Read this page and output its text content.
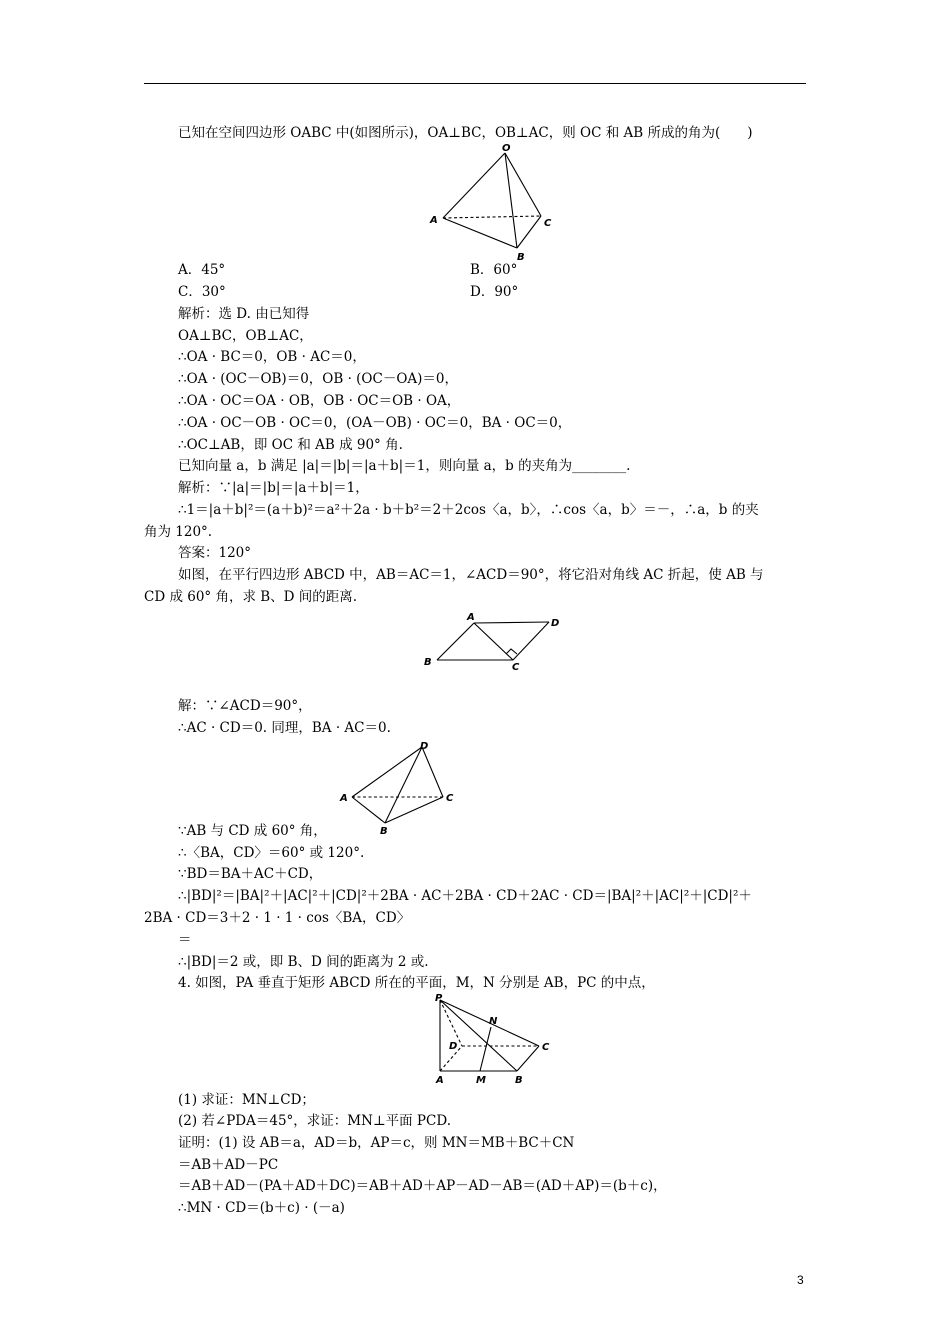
已知在空间四边形 OABC 中(如图所示)，OA⊥BC，OB⊥AC，则 OC 和 AB 所成的角为(　　)
O
A	C
B
A．45°	B．60°
C．30°	D．90°
解析：选 D. 由已知得
OA⊥BC，OB⊥AC，
∴OA · BC＝0，OB · AC＝0，
∴OA · (OC－OB)＝0，OB · (OC－OA)＝0，
∴OA · OC＝OA · OB，OB · OC＝OB · OA，
∴OA · OC－OB · OC＝0，(OA－OB) · OC＝0，BA · OC＝0，
∴OC⊥AB，即 OC 和 AB 成 90° 角.
已知向量 a，b 满足 |a|＝|b|＝|a＋b|＝1，则向量 a，b 的夹角为________.
解析：∵|a|＝|b|＝|a＋b|＝1，
∴1＝|a＋b|²＝(a＋b)²＝a²＋2a · b＋b²＝2＋2cos〈a，b〉，∴cos〈a，b〉＝－，∴a，b 的夹
角为 120°.
答案：120°
如图，在平行四边形 ABCD 中，AB＝AC＝1，∠ACD＝90°，将它沿对角线 AC 折起，使 AB 与
CD 成 60° 角，求 B、D 间的距离.
A
D
B	C
解：∵∠ACD＝90°，
∴AC · CD＝0. 同理，BA · AC＝0.
D
A	C
B
∵AB 与 CD 成 60° 角，
∴〈BA，CD〉＝60° 或 120°.
∵BD＝BA＋AC＋CD，
∴|BD|²＝|BA|²＋|AC|²＋|CD|²＋2BA · AC＋2BA · CD＋2AC · CD＝|BA|²＋|AC|²＋|CD|²＋
2BA · CD＝3＋2 · 1 · 1 · cos〈BA，CD〉
＝
∴|BD|＝2 或，即 B、D 间的距离为 2 或.
4. 如图，PA 垂直于矩形 ABCD 所在的平面，M，N 分别是 AB，PC 的中点，
P
N
D	C
A	M	B
(1) 求证：MN⊥CD；
(2) 若∠PDA＝45°，求证：MN⊥平面 PCD.
证明：(1) 设 AB＝a，AD＝b，AP＝c，则 MN＝MB＋BC＋CN
＝AB＋AD－PC
＝AB＋AD－(PA＋AD＋DC)＝AB＋AD＋AP－AD－AB＝(AD＋AP)＝(b＋c)，
∴MN · CD＝(b＋c) · (－a)
3
